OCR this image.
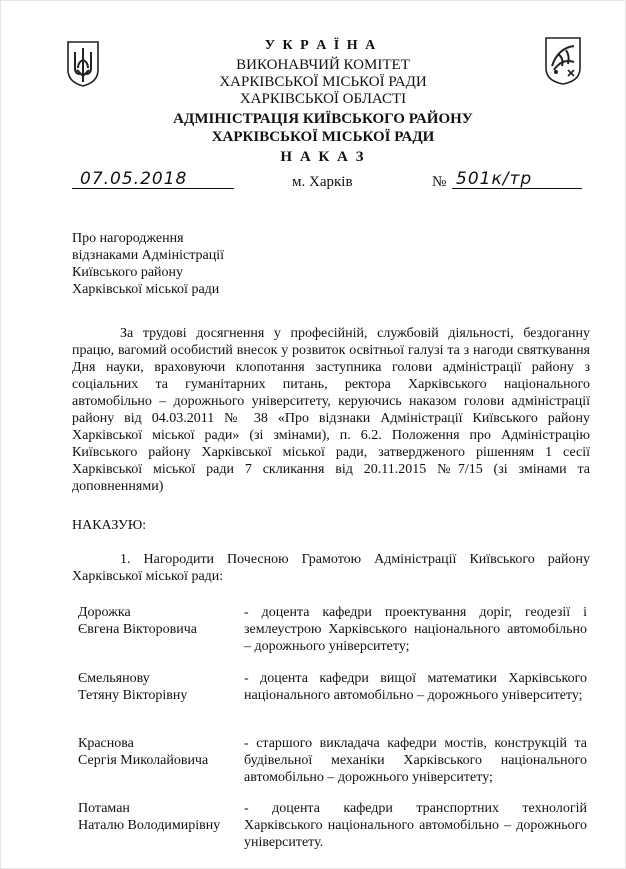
У К Р А Ї Н А
ВИКОНАВЧИЙ КОМІТЕТ
ХАРКІВСЬКОЇ МІСЬКОЇ РАДИ
ХАРКІВСЬКОЇ ОБЛАСТІ
АДМІНІСТРАЦІЯ КИЇВСЬКОГО РАЙОНУ
ХАРКІВСЬКОЇ МІСЬКОЇ РАДИ
Н А К А З
07.05.2018	м. Харків	№ 501к/тр
Про нагородження
відзнаками Адміністрації
Київського району
Харківської міської ради
За трудові досягнення у професійній, службовій діяльності, бездоганну працю, вагомий особистий внесок у розвиток освітньої галузі та з нагоди святкування Дня науки, враховуючи клопотання заступника голови адміністрації району з соціальних та гуманітарних питань, ректора Харківського національного автомобільно – дорожнього університету, керуючись наказом голови адміністрації району від 04.03.2011 № 38 «Про відзнаки Адміністрації Київського району Харківської міської ради» (зі змінами), п. 6.2. Положення про Адміністрацію Київського району Харківської міської ради, затвердженого рішенням 1 сесії Харківської міської ради 7 скликання від 20.11.2015 №7/15 (зі змінами та доповненнями)
НАКАЗУЮ:
1. Нагородити Почесною Грамотою Адміністрації Київського району Харківської міської ради:
Дорожка
Євгена Вікторовича
- доцента кафедри проектування доріг, геодезії і землеустрою Харківського національного автомобільно – дорожнього університету;
Ємельянову
Тетяну Вікторівну
- доцента кафедри вищої математики Харківського національного автомобільно – дорожнього університету;
Краснова
Сергія Миколайовича
- старшого викладача кафедри мостів, конструкцій та будівельної механіки Харківського національного автомобільно – дорожнього університету;
Потаман
Наталю Володимирівну
- доцента кафедри транспортних технологій Харківського національного автомобільно – дорожнього університету.
